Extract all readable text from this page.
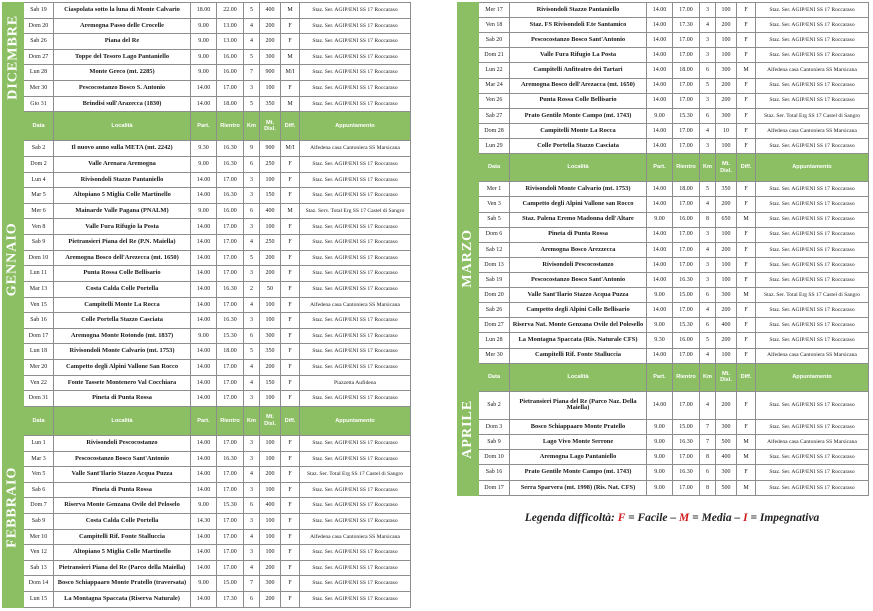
DICEMBRE	Sab 19	Ciaspolata sotto la luna di Monte Calvario	18.00	22.00	5	400	M	Staz. Ser. AGIP/ENI SS 17 Roccaraso
	Dom 20	Aremogna Passo delle Crocelle	9.00	13.00	4	200	F	Staz. Ser. AGIP/ENI SS 17 Roccaraso
	Sab 26	Piana del Re	9.00	13.00	4	200	F	Staz. Ser. AGIP/ENI SS 17 Roccaraso
	Dom 27	Toppe del Tesoro Lago Pantaniello	9.00	16.00	5	300	M	Staz. Ser. AGIP/ENI SS 17 Roccaraso
	Lun 28	Monte Greco (mt. 2285)	9.00	16.00	7	900	M/I	Staz. Ser. AGIP/ENI SS 17 Roccaraso
	Mer 30	Pescocostanzo Bosco S. Antonio	14.00	17.00	3	100	F	Staz. Ser. AGIP/ENI SS 17 Roccaraso
	Gio 31	Brindisi sull'Arazecca (1830)	14.00	18.00	5	350	M	Staz. Ser. AGIP/ENI SS 17 Roccaraso

GENNAIO	Data	Località	Part.	Rientro	Km	Mt. Disl.	Diff.	Appuntamento
	Sab 2	Il nuovo anno sulla META (mt. 2242)	9.30	16.30	9	900	M/I	Alfedena casa Cantoniera SS Marsicana
	Dom 2	Valle Arenara Aremogna	9.00	16.30	6	250	F	Staz. Ser. AGIP/ENI SS 17 Roccaraso
	Lun 4	Rivisondoli Stazzo Pantaniello	14.00	17.00	3	100	F	Staz. Ser. AGIP/ENI SS 17 Roccaraso
	Mar 5	Altopiano 5 Miglia Colle Martinello	14.00	16.30	3	150	F	Staz. Ser. AGIP/ENI SS 17 Roccaraso
	Mer 6	Mainarde Valle Pagana (PNALM)	9.00	16.00	6	400	M	Staz. Serv. Total Erg SS 17 Castel di Sangro
	Ven 8	Valle Fura Rifugio la Posta	14.00	17.00	3	100	F	Staz. Ser. AGIP/ENI SS 17 Roccaraso
	Sab 9	Pietransieri Piana del Re (P.N. Maiella)	14.00	17.00	4	250	F	Staz. Ser. AGIP/ENI SS 17 Roccaraso
	Dom 10	Aremogna Bosco dell'Arezecca (mt. 1650)	14.00	17.00	5	200	F	Staz. Ser. AGIP/ENI SS 17 Roccaraso
	Lun 11	Punta Rossa Colle Bellisario	14.00	17.00	3	200	F	Staz. Ser. AGIP/ENI SS 17 Roccaraso
	Mar 13	Costa Calda Colle Portella	14.00	16.30	2	50	F	Staz. Ser. AGIP/ENI SS 17 Roccaraso
	Ven 15	Campitelli Monte La Rocca	14.00	17.00	4	100	F	Alfedena casa Cantoniera SS Marsicana
	Sab 16	Colle Portella Stazzo Casciata	14.00	16.30	3	100	F	Staz. Ser. AGIP/ENI SS 17 Roccaraso
	Dom 17	Aremogna Monte Rotondo (mt. 1837)	9.00	15.30	6	300	F	Staz. Ser. AGIP/ENI SS 17 Roccaraso
	Lun 18	Rivisondoli Monte Calvario (mt. 1753)	14.00	18.00	5	350	F	Staz. Ser. AGIP/ENI SS 17 Roccaraso
	Mer 20	Campetto degli Alpini Vallone San Rocco	14.00	17.00	4	200	F	Staz. Ser. AGIP/ENI SS 17 Roccaraso
	Ven 22	Fonte Tassete Montenero Val Cocchiara	14.00	17.00	4	150	F	Piazzetta Aufidena
	Dom 31	Pineta di Punta Rossa	14.00	17.00	3	100	F	Staz. Ser. AGIP/ENI SS 17 Roccaraso

FEBBRAIO	Data	Località	Part.	Rientro	Km	Mt. Disl.	Diff.	Appuntamento
	Lun 1	Rivisondoli Pescocostanzo	14.00	17.00	3	100	F	Staz. Ser. AGIP/ENI SS 17 Roccaraso
	Mar 3	Pescocostanzo Bosco Sant'Antonio	14.00	16.30	3	100	F	Staz. Ser. AGIP/ENI SS 17 Roccaraso
	Ven 5	Valle Sant'Ilario Stazzo Acqua Puzza	14.00	17.00	4	200	F	Staz. Ser. Total Erg SS 17 Castel di Sangro
	Sab 6	Pineta di Punta Rossa	14.00	17.00	3	100	F	Staz. Ser. AGIP/ENI SS 17 Roccaraso
	Dom 7	Riserva Monte Genzana Ovile del Peloselo	9.00	15.30	6	400	F	Staz. Ser. AGIP/ENI SS 17 Roccaraso
	Sab 9	Costa Calda Colle Portella	14.30	17.00	3	100	F	Staz. Ser. AGIP/ENI SS 17 Roccaraso
	Mer 10	Campitelli Rif. Fonte Stalluccia	14.00	17.00	4	100	F	Alfedena casa Cantoniera SS Marsicana
	Ven 12	Altopiano 5 Miglia Colle Martinello	14.00	17.00	3	100	F	Staz. Ser. AGIP/ENI SS 17 Roccaraso
	Sab 13	Pietransieri Piana del Re (Parco della Maiella)	14.00	17.00	4	200	F	Staz. Ser. AGIP/ENI SS 17 Roccaraso
	Dom 14	Bosco Schiappaaro Monte Pratello (traversata)	9.00	15.00	7	300	F	Staz. Ser. AGIP/ENI SS 17 Roccaraso
	Lun 15	La Montagna Spaccata (Riserva Naturale)	14.00	17.30	6	200	F	Staz. Ser. AGIP/ENI SS 17 Roccaraso
	Mer 17	Rivisondoli Stazzo Pantaniello	14.00	17.00	3	100	F	Staz. Ser. AGIP/ENI SS 17 Roccaraso
	Ven 18	Staz. FS Rivisondoli F.te Santamico	14.00	17.30	4	200	F	Staz. Ser. AGIP/ENI SS 17 Roccaraso
	Sab 20	Pescocostanzo Bosco Sant'Antonio	14.00	17.00	3	100	F	Staz. Ser. AGIP/ENI SS 17 Roccaraso
	Dom 21	Valle Fura Rifugio La Posta	14.00	17.00	3	100	F	Staz. Ser. AGIP/ENI SS 17 Roccaraso
	Lun 22	Campitelli Anfiteatro dei Tartari	14.00	18.00	6	300	M	Alfedena casa Cantoniera SS Marsicana
	Mar 24	Aremogna Bosco dell'Arezacca (mt. 1650)	14.00	17.00	5	200	F	Staz. Ser. AGIP/ENI SS 17 Roccaraso
	Ven 26	Punta Rossa Colle Bellisario	14.00	17.00	3	200	F	Staz. Ser. AGIP/ENI SS 17 Roccaraso
	Sab 27	Prato Gentile Monte Campo (mt. 1743)	9.00	15.30	6	300	F	Staz. Ser. Total Erg SS 17 Castel di Sangro
	Dom 28	Campitelli Monte La Rocca	14.00	17.00	4	10	F	Alfedena casa Cantoniera SS Marsicana
	Lun 29	Colle Portella Stazzo Casciata	14.00	17.00	3	100	F	Staz. Ser. AGIP/ENI SS 17 Roccaraso

MARZO	Data	Località	Part.	Rientro	Km	Mt. Disl.	Diff.	Appuntamento
	Mer 1	Rivisondoli Monte Calvario (mt. 1753)	14.00	18.00	5	350	F	Staz. Ser. AGIP/ENI SS 17 Roccaraso
	Ven 3	Campetto degli Alpini Vallone san Rocco	14.00	17.00	4	200	F	Staz. Ser. AGIP/ENI SS 17 Roccaraso
	Sab 5	Staz. Palena Eremo Madonna dell'Altare	9.00	16.00	8	650	M	Staz. Ser. AGIP/ENI SS 17 Roccaraso
	Dom 6	Pineta di Punta Rossa	14.00	17.00	3	100	F	Staz. Ser. AGIP/ENI SS 17 Roccaraso
	Sab 12	Aremogna Bosco Arezzecca	14.00	17.00	4	200	F	Staz. Ser. AGIP/ENI SS 17 Roccaraso
	Dom 13	Rivisondoli Pescocostanzo	14.00	17.00	3	100	F	Staz. Ser. AGIP/ENI SS 17 Roccaraso
	Sab 19	Pescocostanzo Bosco Sant'Antonio	14.00	16.30	3	100	F	Staz. Ser. AGIP/ENI SS 17 Roccaraso
	Dom 20	Valle Sant'Ilario Stazzo Acqua Puzza	9.00	15.00	6	300	M	Staz. Ser. Total Erg SS 17 Castel di Sangro
	Sab 26	Campetto degli Alpini Colle Bellisario	14.00	17.00	4	200	F	Staz. Ser. AGIP/ENI SS 17 Roccaraso
	Dom 27	Riserva Nat. Monte Genzana Ovile del Polesello	9.00	15.30	6	400	F	Staz. Ser. AGIP/ENI SS 17 Roccaraso
	Lun 28	La Montagna Spaccata (Ris. Naturale CFS)	9.30	16.00	5	200	F	Staz. Ser. AGIP/ENI SS 17 Roccaraso
	Mer 30	Campitelli Rif. Fonte Stalluccia	14.00	17.00	4	100	F	Alfedena casa Cantoniera SS Marsicana

APRILE	Data	Località	Part.	Rientro	Km	Mt. Disl.	Diff.	Appuntamento
	Sab 2	Pietransieri Piana del Re (Parco Naz. Della Maiella)	14.00	17.00	4	200	F	Staz. Ser. AGIP/ENI SS 17 Roccaraso
	Dom 3	Bosco Schiappaaro Monte Pratello	9.00	15.00	7	300	F	Staz. Ser. AGIP/ENI SS 17 Roccaraso
	Sab 9	Lago Vivo Monte Serrone	9.00	16.30	7	500	M	Alfedena casa Cantoniera SS Marsicana
	Dom 10	Aremogna Lago Pantaniello	9.00	17.00	8	400	M	Staz. Ser. AGIP/ENI SS 17 Roccaraso
	Sab 16	Prato Gentile Monte Campo (mt. 1743)	9.00	16.30	6	300	F	Staz. Ser. AGIP/ENI SS 17 Roccaraso
	Dom 17	Serra Sparvera (mt. 1998) (Ris. Nat. CFS)	9.00	17.00	8	500	M	Staz. Ser. AGIP/ENI SS 17 Roccaraso
Legenda difficoltà: F = Facile – M = Media – I = Impegnativa
